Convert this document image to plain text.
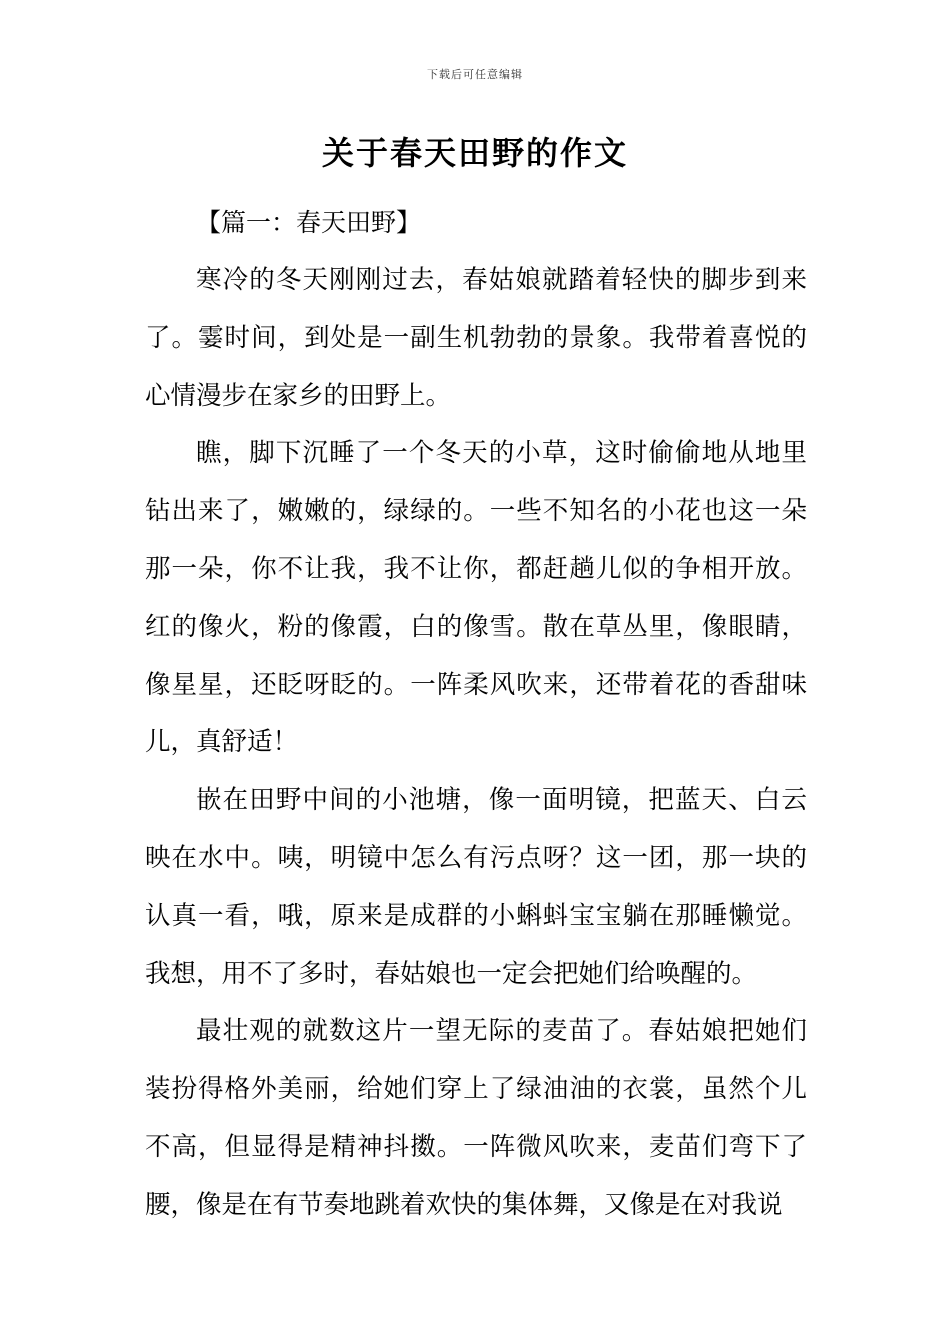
下载后可任意编辑
关于春天田野的作文
【篇一：春天田野】

寒冷的冬天刚刚过去，春姑娘就踏着轻快的脚步到来了。霎时间，到处是一副生机勃勃的景象。我带着喜悦的心情漫步在家乡的田野上。

瞧，脚下沉睡了一个冬天的小草，这时偷偷地从地里钻出来了，嫩嫩的，绿绿的。一些不知名的小花也这一朵那一朵，你不让我，我不让你，都赶趟儿似的争相开放。红的像火，粉的像霞，白的像雪。散在草丛里，像眼睛，像星星，还眨呀眨的。一阵柔风吹来，还带着花的香甜味儿，真舒适！

嵌在田野中间的小池塘，像一面明镜，把蓝天、白云映在水中。咦，明镜中怎么有污点呀？这一团，那一块的认真一看，哦，原来是成群的小蝌蚪宝宝躺在那睡懒觉。我想，用不了多时，春姑娘也一定会把她们给唤醒的。

最壮观的就数这片一望无际的麦苗了。春姑娘把她们装扮得格外美丽，给她们穿上了绿油油的衣裳，虽然个儿不高，但显得是精神抖擞。一阵微风吹来，麦苗们弯下了腰，像是在有节奏地跳着欢快的集体舞，又像是在对我说
